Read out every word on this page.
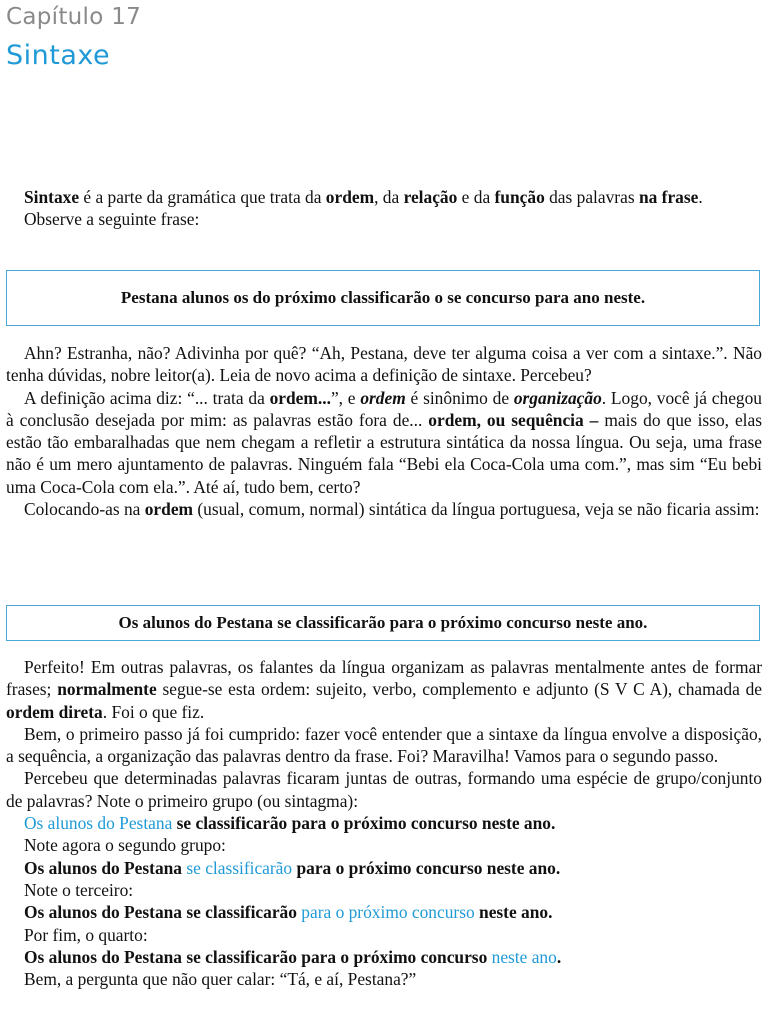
Capítulo 17
Sintaxe

Sintaxe é a parte da gramática que trata da ordem, da relação e da função das palavras na frase.

Observe a seguinte frase:

Pestana alunos os do próximo classificarão o se concurso para ano neste.

Ahn? Estranha, não? Adivinha por quê? “Ah, Pestana, deve ter alguma coisa a ver com a sintaxe.”. Não tenha dúvidas, nobre leitor(a). Leia de novo acima a definição de sintaxe. Percebeu?

A definição acima diz: “... trata da ordem...”, e ordem é sinônimo de organização. Logo, você já chegou à conclusão desejada por mim: as palavras estão fora de... ordem, ou sequência – mais do que isso, elas estão tão embaralhadas que nem chegam a refletir a estrutura sintática da nossa língua. Ou seja, uma frase não é um mero ajuntamento de palavras. Ninguém fala “Bebi ela Coca-Cola uma com.”, mas sim “Eu bebi uma Coca-Cola com ela.”. Até aí, tudo bem, certo?

Colocando-as na ordem (usual, comum, normal) sintática da língua portuguesa, veja se não ficaria assim:

Os alunos do Pestana se classificarão para o próximo concurso neste ano.

Perfeito! Em outras palavras, os falantes da língua organizam as palavras mentalmente antes de formar frases; normalmente segue-se esta ordem: sujeito, verbo, complemento e adjunto (S V C A), chamada de ordem direta. Foi o que fiz.

Bem, o primeiro passo já foi cumprido: fazer você entender que a sintaxe da língua envolve a disposição, a sequência, a organização das palavras dentro da frase. Foi? Maravilha! Vamos para o segundo passo.

Percebeu que determinadas palavras ficaram juntas de outras, formando uma espécie de grupo/conjunto de palavras? Note o primeiro grupo (ou sintagma):

Os alunos do Pestana se classificarão para o próximo concurso neste ano.

Note agora o segundo grupo:

Os alunos do Pestana se classificarão para o próximo concurso neste ano.

Note o terceiro:

Os alunos do Pestana se classificarão para o próximo concurso neste ano.

Por fim, o quarto:

Os alunos do Pestana se classificarão para o próximo concurso neste ano.

Bem, a pergunta que não quer calar: “Tá, e aí, Pestana?”
